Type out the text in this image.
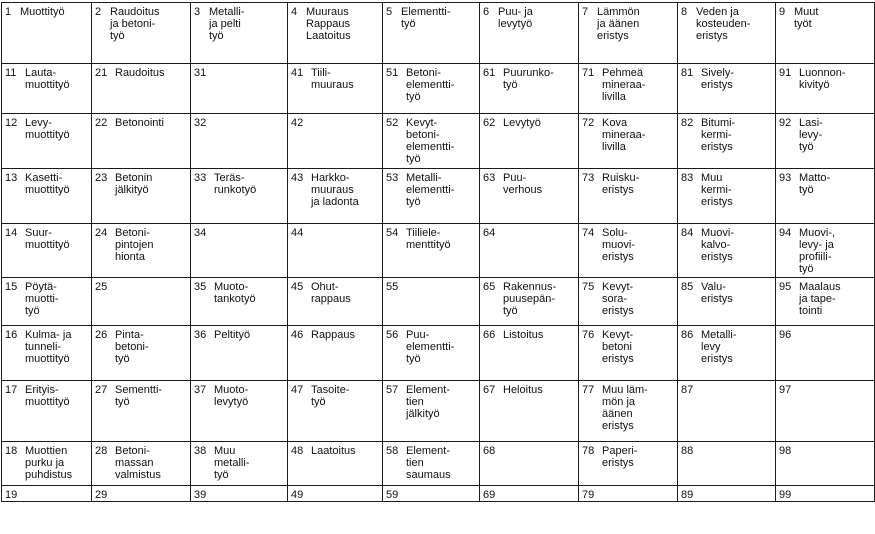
1 Muottityö	2 Raudoitus
ja betoni-
työ	3 Metalli-
ja pelti
työ	4 Muuraus
Rappaus
Laatoitus	5 Elementti-
työ	6 Puu- ja
levytyö	7 Lämmön
ja äänen
eristys	8 Veden ja
kosteuden-
eristys	9 Muut
työt

11 Lauta-
muottityö	21 Raudoitus	31	41 Tiili-
muuraus	51 Betoni-
elementti-
työ	61 Puurunko-
työ	71 Pehmeä
mineraa-
livilla	81 Sively-
eristys	91 Luonnon-
kivityö

12 Levy-
muottityö	22 Betonointi	32	42	52 Kevyt-
betoni-
elementti-
työ	62 Levytyö	72 Kova
mineraa-
livilla	82 Bitumi-
kermi-
eristys	92 Lasi-
levy-
työ

13 Kasetti-
muottityö	23 Betonin
jälkityö	33 Teräs-
runkotyö	43 Harkko-
muuraus
ja ladonta	53 Metalli-
elementti-
työ	63 Puu-
verhous	73 Ruisku-
eristys	83 Muu
kermi-
eristys	93 Matto-
työ

14 Suur-
muottityö	24 Betoni-
pintojen
hionta	34	44	54 Tiilielе-
menttityö	64	74 Solu-
muovi-
eristys	84 Muovi-
kalvo-
eristys	94 Muovi-,
levy- ja
profiili-
työ

15 Pöytä-
muotti-
työ	25	35 Muoto-
tankotyö	45 Ohut-
rappaus	55	65 Rakennus-
puusepän-
työ	75 Kevyt-
sora-
eristys	85 Valu-
eristys	95 Maalaus
ja tape-
tointi

16 Kulma- ja
tunneli-
muottityö	26 Pinta-
betoni-
työ	36 Peltityö	46 Rappaus	56 Puu-
elementti-
työ	66 Listoitus	76 Kevyt-
betoni
eristys	86 Metalli-
levy
eristys	96

17 Erityis-
muottityö	27 Sementti-
työ	37 Muoto-
levytyö	47 Tasoite-
työ	57 Element-
tien
jälkityö	67 Heloitus	77 Muu läm-
mön ja
äänen
eristys	87	97

18 Muottien
purku ja
puhdistus	28 Betoni-
massan
valmistus	38 Muu
metalli-
työ	48 Laatoitus	58 Element-
tien
saumaus	68	78 Paperi-
eristys	88	98

19	29	39	49	59	69	79	89	99
